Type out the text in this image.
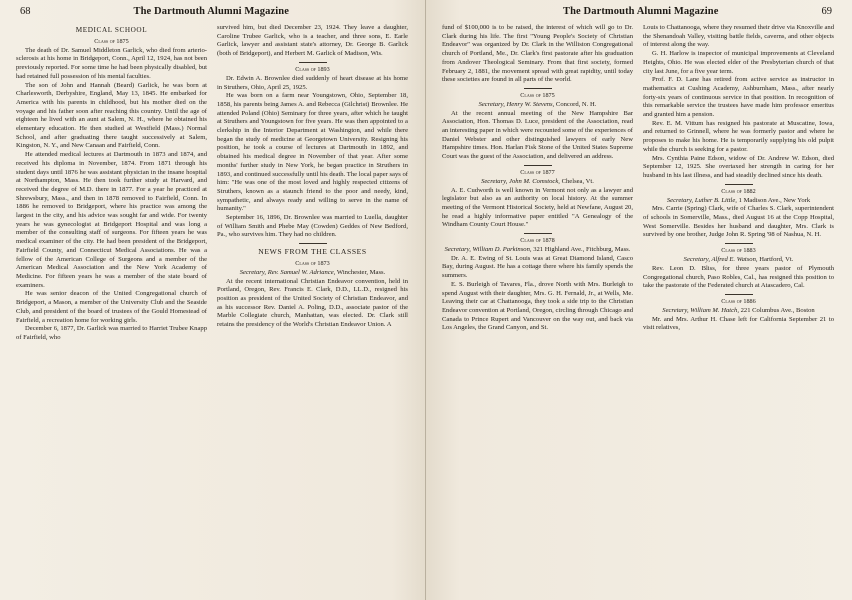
68	The Dartmouth Alumni Magazine
MEDICAL SCHOOL
Class of 1875

The death of Dr. Samuel Middleton Garlick, who died from arterio-sclerosis at his home in Bridgeport, Conn., April 12, 1924, has not been previously reported. For some time he had been physically disabled, but had retained full possession of his mental faculties.

The son of John and Hannah (Beard) Garlick, he was born at Charlesworth, Derbyshire, England, May 13, 1845. He embarked for America with his parents in childhood, but his mother died on the voyage and his father soon after reaching this country. Until the age of eighteen he lived with an aunt at Salem, N. H., where he obtained his elementary education. He then studied at Westfield (Mass.) Normal School, and after graduating there taught successively at Salem, Kingston, N. Y., and New Canaan and Fairfield, Conn.

He attended medical lectures at Dartmouth in 1873 and 1874, and received his diploma in November, 1874. From 1871 through his student days until 1876 he was assistant physician in the insane hospital at Northampton, Mass. He then took further study at Harvard, and received the degree of M.D. there in 1877. For a year he practiced at Shrewsbury, Mass., and then in 1878 removed to Fairfield, Conn. In 1886 he removed to Bridgeport, where his practice was among the largest in the city, and his advice was sought far and wide. For twenty years he was gynecologist at Bridgeport Hospital and was long a member of the consulting staff of surgeons. For fifteen years he was medical examiner of the city. He had been president of the Bridgeport, Fairfield County, and Connecticut Medical Associations. He was a fellow of the American College of Surgeons and a member of the American Medical Association and the New York Academy of Medicine. For fifteen years he was a member of the state board of examiners.

He was senior deacon of the United Congregational church of Bridgeport, a Mason, a member of the University Club and the Seaside Club, and president of the board of trustees of the Gould Homestead of Fairfield, a recreation home for working girls.

December 6, 1877, Dr. Garlick was married to Harriet Trubee Knapp of Fairfield, who

survived him, but died December 23, 1924. They leave a daughter, Caroline Trubee Garlick, who is a teacher, and three sons, E. Earle Garlick, lawyer and assistant state's attorney, Dr. George B. Garlick (both of Bridgeport), and Herbert M. Garlick of Madison, Wis.

Class of 1893

Dr. Edwin A. Brownlee died suddenly of heart disease at his home in Struthers, Ohio, April 25, 1925.

He was born on a farm near Youngstown, Ohio, September 18, 1858, his parents being James A. and Rebecca (Gilchrist) Brownlee. He attended Poland (Ohio) Seminary for three years, after which he taught at Struthers and Youngstown for five years. He was then appointed to a clerkship in the Interior Department at Washington, and while there began the study of medicine at Georgetown University. Resigning his position, he took a course of lectures at Dartmouth in 1892, and obtained his medical degree in November of that year. After some months' further study in New York, he began practice in Struthers in 1893, and continued successfully until his death. The local paper says of him: "He was one of the most loved and highly respected citizens of Struthers, known as a staunch friend to the poor and needy, kind, sympathetic, and always ready and willing to serve in the name of humanity."

September 16, 1896, Dr. Brownlee was married to Luella, daughter of William Smith and Phebe May (Cowden) Geddes of New Bedford, Pa., who survives him. They had no children.

NEWS FROM THE CLASSES
Class of 1873
Secretary, Rev. Samuel W. Adriance, Winchester, Mass.

At the recent international Christian Endeavor convention, held in Portland, Oregon, Rev. Francis E. Clark, D.D., LL.D., resigned his position as president of the United Society of Christian Endeavor, and as his successor Rev. Daniel A. Poling, D.D., associate pastor of the Marble Collegiate church, Manhattan, was elected. Dr. Clark still retains the presidency of the World's Christian Endeavor Union. A

The Dartmouth Alumni Magazine	69

fund of $100,000 is to be raised, the interest of which will go to Dr. Clark during his life. The first "Young People's Society of Christian Endeavor" was organized by Dr. Clark in the Williston Congregational church of Portland, Me., Dr. Clark's first pastorate after his graduation from Andover Theological Seminary. From that first society, formed February 2, 1881, the movement spread with great rapidity, until today these societies are found in all parts of the world.

Class of 1875
Secretary, Henry W. Stevens, Concord, N. H.

At the recent annual meeting of the New Hampshire Bar Association, Hon. Thomas D. Luce, president of the Association, read an interesting paper in which were recounted some of the experiences of Daniel Webster and other distinguished lawyers of early New Hampshire times. Hon. Harlan Fisk Stone of the United States Supreme Court was the guest of the Association, and delivered an address.

Class of 1877
Secretary, John M. Comstock, Chelsea, Vt.

A. E. Cudworth is well known in Vermont not only as a lawyer and legislator but also as an authority on local history. At the summer meeting of the Vermont Historical Society, held at Newfane, August 20, he read a highly informative paper entitled "A Genealogy of the Windham County Court House."

Class of 1878
Secretary, William D. Parkinson, 321 Highland Ave., Fitchburg, Mass.

Dr. A. E. Ewing of St. Louis was at Great Diamond Island, Casco Bay, during August. He has a cottage there where his family spends the summers.

E. S. Burleigh of Tavares, Fla., drove North with Mrs. Burleigh to spend August with their daughter, Mrs. G. H. Fernald, Jr., at Wells, Me. Leaving their car at Chattanooga, they took a side trip to the Christian Endeavor convention at Portland, Oregon, circling through Chicago and Canada to Prince Rupert and Vancouver on the way out, and back via Los Angeles, the Grand Canyon, and St.

Louis to Chattanooga, where they resumed their drive via Knoxville and the Shenandoah Valley, visiting battle fields, caverns, and other objects of interest along the way.

G. H. Harlow is inspector of municipal improvements at Cleveland Heights, Ohio. He was elected elder of the Presbyterian church of that city last June, for a five year term.

Prof. F. D. Lane has retired from active service as instructor in mathematics at Cushing Academy, Ashburnham, Mass., after nearly forty-six years of continuous service in that position. In recognition of this remarkable service the trustees have made him professor emeritus and granted him a pension.

Rev. E. M. Vittum has resigned his pastorate at Muscatine, Iowa, and returned to Grinnell, where he was formerly pastor and where he proposes to make his home. He is temporarily supplying his old pulpit while the church is seeking for a pastor.

Mrs. Cynthia Paine Edson, widow of Dr. Andrew W. Edson, died September 12, 1925. She overtaxed her strength in caring for her husband in his last illness, and had steadily declined since his death.

Class of 1882
Secretary, Luther B. Little, 1 Madison Ave., New York

Mrs. Carrie (Spring) Clark, wife of Charles S. Clark, superintendent of schools in Somerville, Mass., died August 16 at the Copp Hospital, West Somerville. Besides her husband and daughter, Mrs. Clark is survived by one brother, Judge John R. Spring '98 of Nashua, N. H.

Class of 1883
Secretary, Alfred E. Watson, Hartford, Vt.

Rev. Leon D. Bliss, for three years pastor of Plymouth Congregational church, Paso Robles, Cal., has resigned this position to take the pastorate of the Federated church at Atascadero, Cal.

Class of 1886
Secretary, William M. Hatch, 221 Columbus Ave., Boston

Mr. and Mrs. Arthur H. Chase left for California September 21 to visit relatives,
